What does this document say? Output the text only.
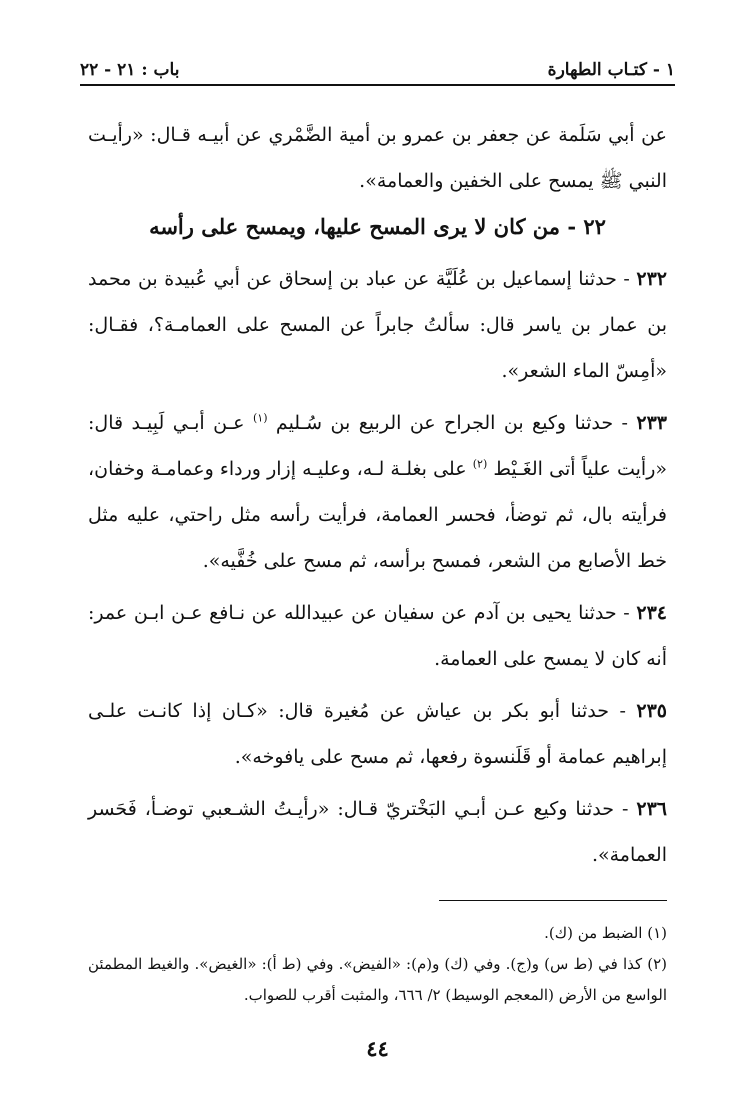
١ - كتـاب الطهارة
باب : ٢١ - ٢٢

عن أبي سَلَمة عن جعفر بن عمرو بن أمية الضَّمْري عن أبيـه قـال: «رأيـت النبي ﷺ يمسح على الخفين والعمامة».

٢٢ - من كان لا يرى المسح عليها، ويمسح على رأسه

٢٣٢ - حدثنا إسماعيل بن عُلَيَّة عن عباد بن إسحاق عن أبي عُبيدة بن محمد بن عمار بن ياسر قال: سألتُ جابراً عن المسح على العمامـة؟، فقـال: «أمِسّ الماء الشعر».

٢٣٣ - حدثنا وكيع بن الجراح عن الربيع بن سُـليم $^{(١)}$ عـن أبـي لَبِيـد قال: «رأيت علياً أتى الغَـيْط $^{(٢)}$ على بغلـة لـه، وعليـه إزار ورداء وعمامـة وخفان، فرأيته بال، ثم توضأ، فحسر العمامة، فرأيت رأسه مثل راحتي، عليه مثل خط الأصابع من الشعر، فمسح برأسه، ثم مسح على خُفَّيه».

٢٣٤ - حدثنا يحيى بن آدم عن سفيان عن عبيدالله عن نـافع عـن ابـن عمر: أنه كان لا يمسح على العمامة.

٢٣٥ - حدثنا أبو بكر بن عياش عن مُغيرة قال: «كـان إذا كانـت علـى إبراهيم عمامة أو قَلَنسوة رفعها، ثم مسح على يافوخه».

٢٣٦ - حدثنا وكيع عـن أبـي البَخْتريّ قـال: «رأيـتُ الشـعبي توضـأ، فَحَسر العمامة».

(١) الضبط من (ك).

(٢) كذا في (ط س) و(ج). وفي (ك) و(م): «الفيض». وفي (ط أ): «الغيض». والغيط المطمئن الواسع من الأرض (المعجم الوسيط) ٢/ ٦٦٦، والمثبت أقرب للصواب.

٤٤
